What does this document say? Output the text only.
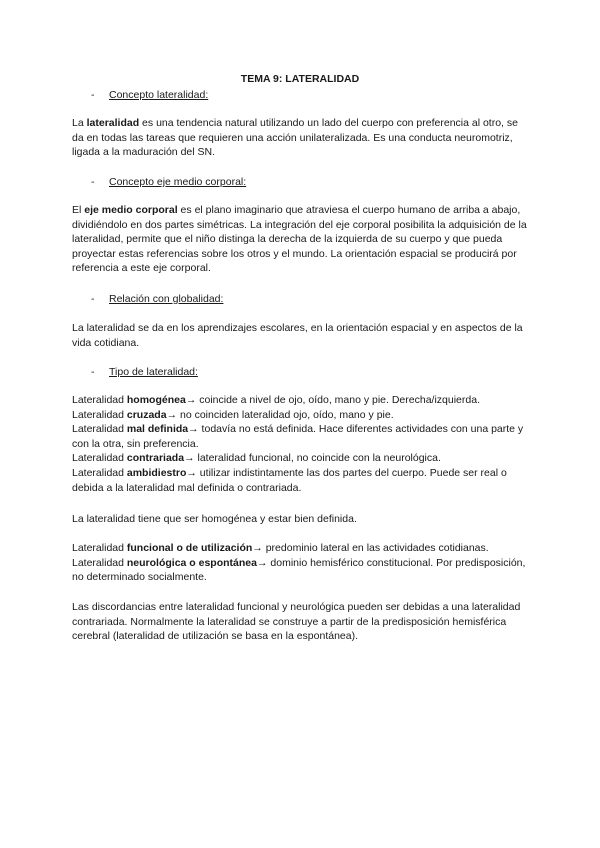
TEMA 9: LATERALIDAD
- Concepto lateralidad:

La lateralidad es una tendencia natural utilizando un lado del cuerpo con preferencia al otro, se da en todas las tareas que requieren una acción unilateralizada. Es una conducta neuromotriz, ligada a la maduración del SN.

- Concepto eje medio corporal:

El eje medio corporal es el plano imaginario que atraviesa el cuerpo humano de arriba a abajo, dividiéndolo en dos partes simétricas. La integración del eje corporal posibilita la adquisición de la lateralidad, permite que el niño distinga la derecha de la izquierda de su cuerpo y que pueda proyectar estas referencias sobre los otros y el mundo. La orientación espacial se producirá por referencia a este eje corporal.

- Relación con globalidad:

La lateralidad se da en los aprendizajes escolares, en la orientación espacial y en aspectos de la vida cotidiana.

- Tipo de lateralidad:

Lateralidad homogénea→ coincide a nivel de ojo, oído, mano y pie. Derecha/izquierda.

Lateralidad cruzada→ no coinciden lateralidad ojo, oído, mano y pie.

Lateralidad mal definida→ todavía no está definida. Hace diferentes actividades con una parte y con la otra, sin preferencia.

Lateralidad contrariada→ lateralidad funcional, no coincide con la neurológica.

Lateralidad ambidiestro→ utilizar indistintamente las dos partes del cuerpo. Puede ser real o debida a la lateralidad mal definida o contrariada.

La lateralidad tiene que ser homogénea y estar bien definida.

Lateralidad funcional o de utilización→ predominio lateral en las actividades cotidianas.

Lateralidad neurológica o espontánea→ dominio hemisférico constitucional. Por predisposición, no determinado socialmente.

Las discordancias entre lateralidad funcional y neurológica pueden ser debidas a una lateralidad contrariada. Normalmente la lateralidad se construye a partir de la predisposición hemisférica cerebral (lateralidad de utilización se basa en la espontánea).
